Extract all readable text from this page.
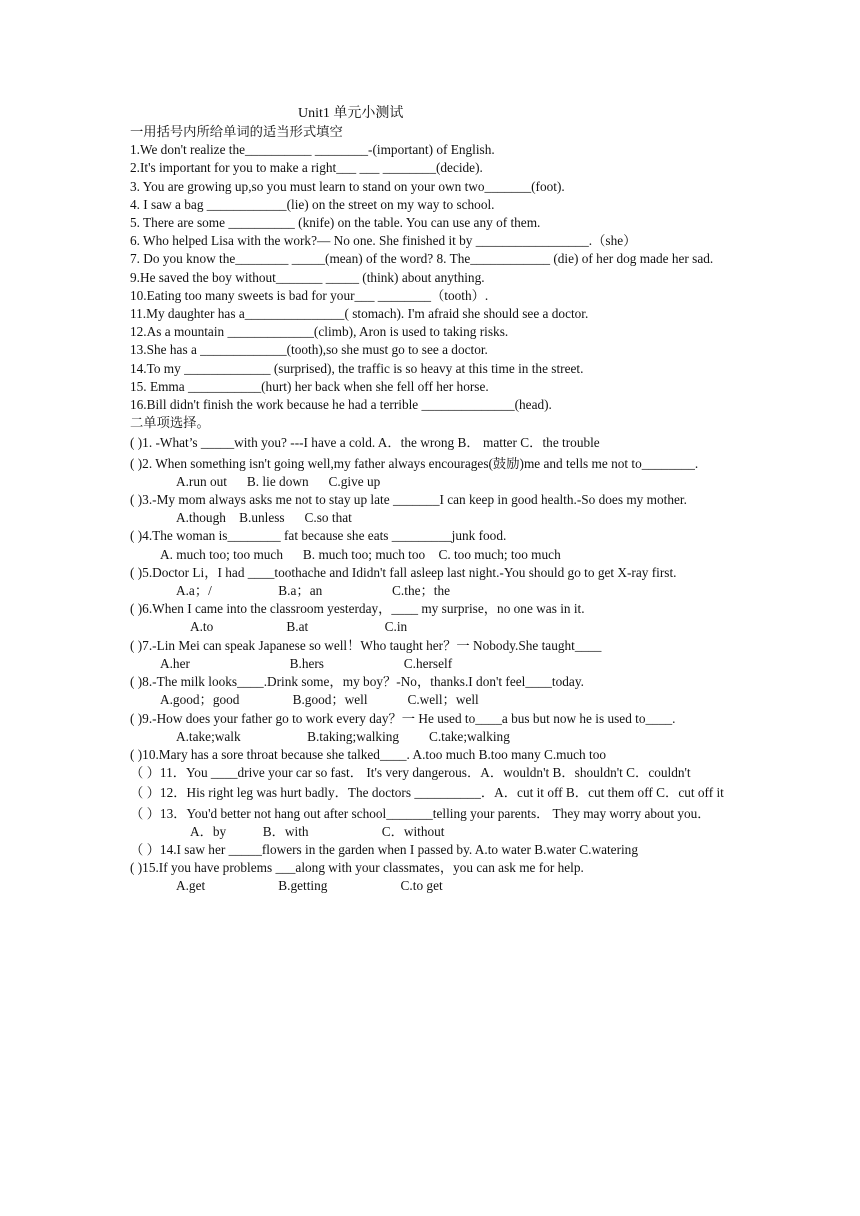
Unit1 单元小测试
一用括号内所给单词的适当形式填空
1.We don't realize the__________ ________-(important) of English.
2.It's important for you to make a right___ ___ ________(decide).
3. You are growing up,so you must learn to stand on your own two_______(foot).
4. I saw a bag ____________(lie) on the street on my way to school.
5. There are some __________ (knife) on the table. You can use any of them.
6. Who helped Lisa with the work?— No one. She finished it by _________________.（she）
7. Do you know the________ _____(mean) of the word? 8. The____________ (die) of her dog made her sad.
9.He saved the boy without_______ _____ (think) about anything.
10.Eating too many sweets is bad for your___ ________（tooth）.
11.My daughter has a_______________( stomach). I'm afraid she should see a doctor.
12.As a mountain _____________(climb), Aron is used to taking risks.
13.She has a _____________(tooth),so she must go to see a doctor.
14.To my _____________ (surprised), the traffic is so heavy at this time in the street.
15. Emma ___________(hurt) her back when she fell off her horse.
16.Bill didn't finish the work because he had a terrible ______________(head).
二单项选择。
( )1. -What’s _____with you? ---I have a cold. A．the wrong B． matter C．the trouble
( )2. When something isn't going well,my father always encourages(鼓励)me and tells me not to________.
A.run out      B. lie down      C.give up
( )3.-My mom always asks me not to stay up late _______I can keep in good health.-So does my mother.
A.though    B.unless      C.so that
( )4.The woman is________ fat because she eats _________junk food.
A. much too; too much      B. much too; much too    C. too much; too much
( )5.Doctor Li，I had ____toothache and Ididn't fall asleep last night.-You should go to get X-ray first.
A.a；/                    B.a；an                     C.the；the
( )6.When I came into the classroom yesterday，____ my surprise，no one was in it.
A.to                      B.at                       C.in
( )7.-Lin Mei can speak Japanese so well！Who taught her？一 Nobody.She taught____
A.her                              B.hers                        C.herself
( )8.-The milk looks____.Drink some，my boy？-No，thanks.I don't feel____today.
A.good；good                B.good；well            C.well；well
( )9.-How does your father go to work every day？一 He used to____a bus but now he is used to____.
A.take;walk                    B.taking;walking         C.take;walking
( )10.Mary has a sore throat because she talked____. A.too much B.too many C.much too
（ ）11．You ____drive your car so fast． It's very dangerous．A．wouldn't B．shouldn't C．couldn't
（ ）12．His right leg was hurt badly．The doctors __________．A．cut it off B．cut them off C．cut off it
（ ）13．You'd better not hang out after school_______telling your parents． They may worry about you．
A．by           B．with                      C．without
（ ）14.I saw her _____flowers in the garden when I passed by. A.to water B.water C.watering
( )15.If you have problems ___along with your classmates，you can ask me for help.
A.get                      B.getting                      C.to get
